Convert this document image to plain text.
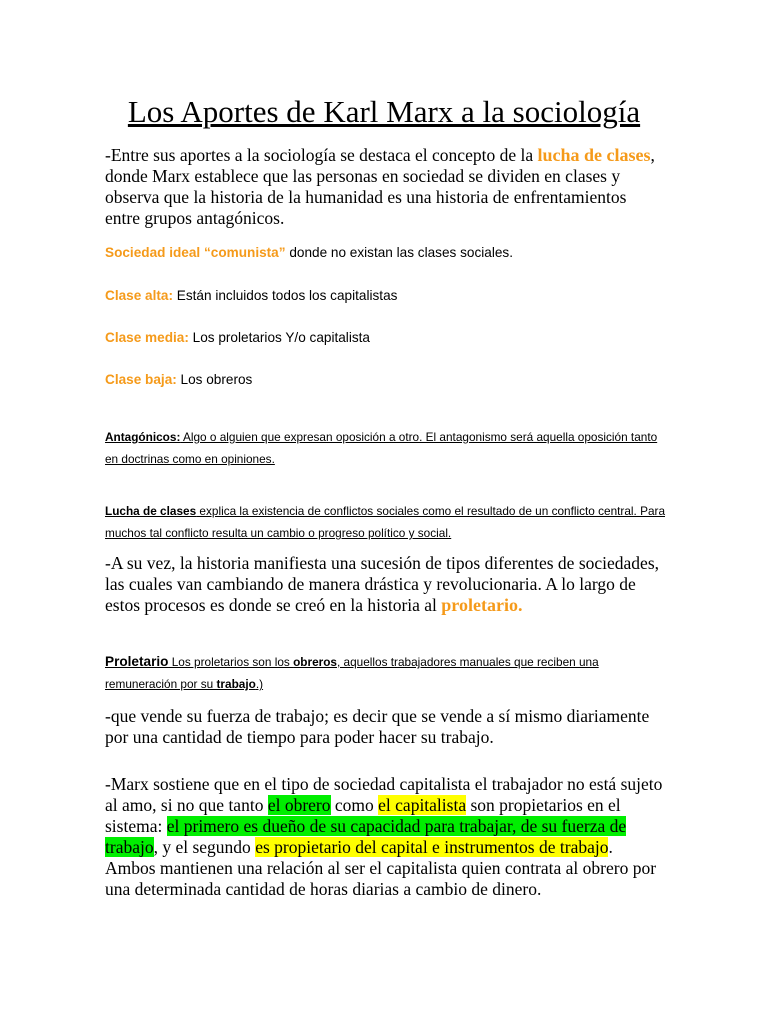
Los Aportes de Karl Marx a la sociología

-Entre sus aportes a la sociología se destaca el concepto de la lucha de clases, donde Marx establece que las personas en sociedad se dividen en clases y observa que la historia de la humanidad es una historia de enfrentamientos entre grupos antagónicos.

Sociedad ideal “comunista” donde no existan las clases sociales.

Clase alta: Están incluidos todos los capitalistas

Clase media: Los proletarios Y/o capitalista

Clase baja: Los obreros

Antagónicos: Algo o alguien que expresan oposición a otro. El antagonismo será aquella oposición tanto en doctrinas como en opiniones.

Lucha de clases explica la existencia de conflictos sociales como el resultado de un conflicto central. Para muchos tal conflicto resulta un cambio o progreso político y social.

-A su vez, la historia manifiesta una sucesión de tipos diferentes de sociedades, las cuales van cambiando de manera drástica y revolucionaria. A lo largo de estos procesos es donde se creó en la historia al proletario.

Proletario Los proletarios son los obreros, aquellos trabajadores manuales que reciben una remuneración por su trabajo.)

-que vende su fuerza de trabajo; es decir que se vende a sí mismo diariamente por una cantidad de tiempo para poder hacer su trabajo.

-Marx sostiene que en el tipo de sociedad capitalista el trabajador no está sujeto al amo, si no que tanto el obrero como el capitalista son propietarios en el sistema: el primero es dueño de su capacidad para trabajar, de su fuerza de trabajo, y el segundo es propietario del capital e instrumentos de trabajo. Ambos mantienen una relación al ser el capitalista quien contrata al obrero por una determinada cantidad de horas diarias a cambio de dinero.
